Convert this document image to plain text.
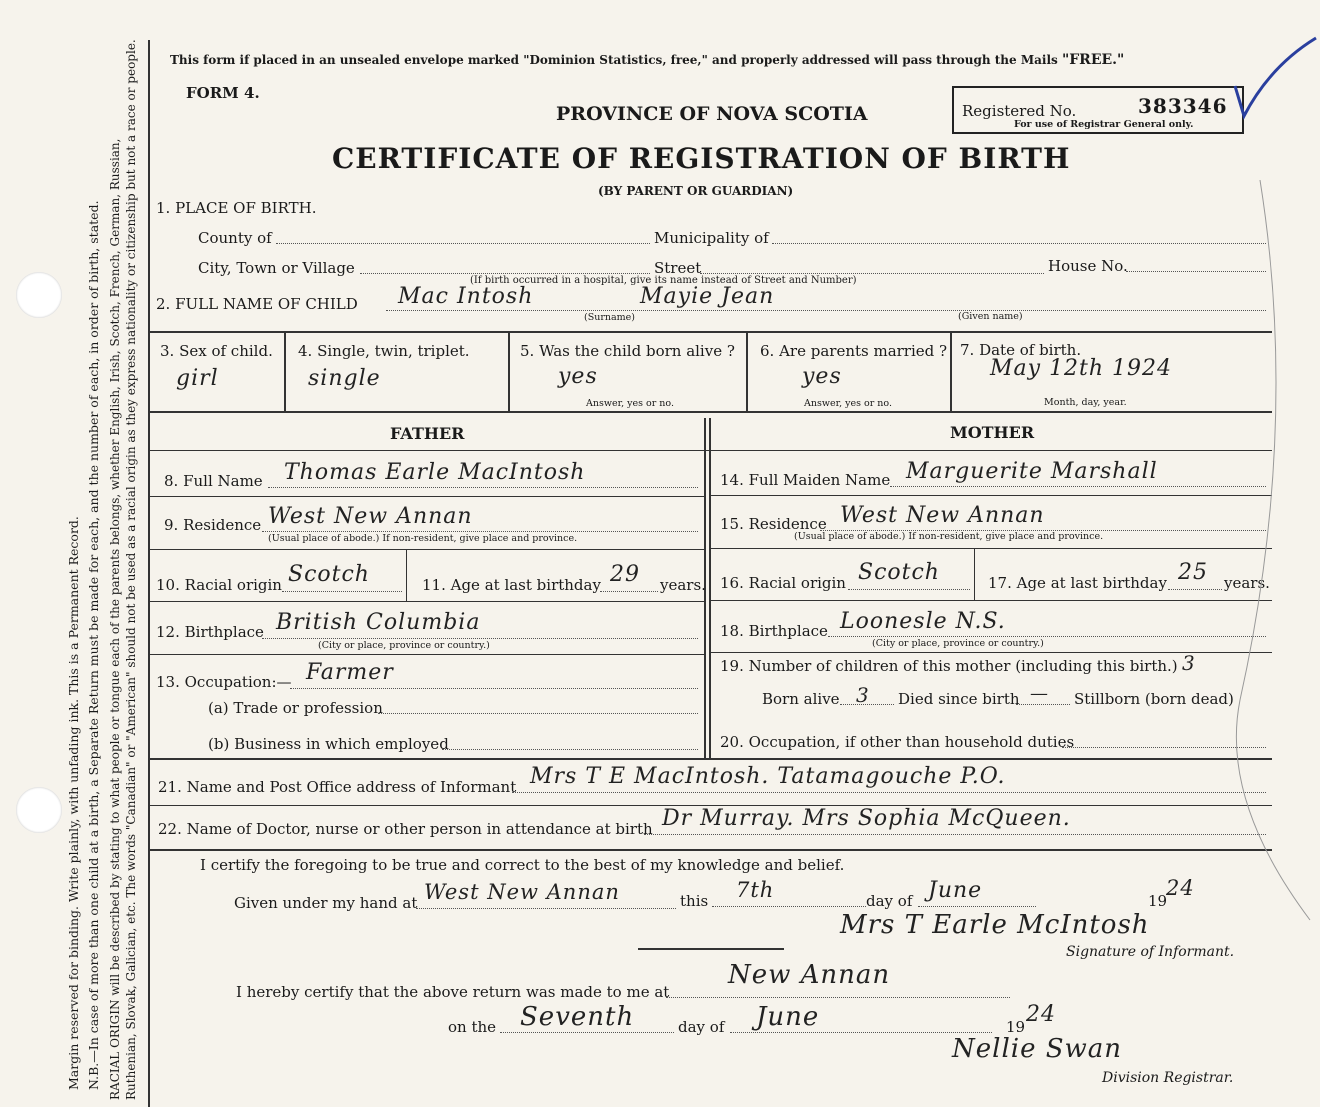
Margin reserved for binding. Write plainly, with unfading ink. This is a Permanent Record. N.B.—In case of more than one child at a birth, a Separate Return must be made for each, and the number of each, in order of birth, stated. RACIAL ORIGIN will be described by stating to what people or tongue each of the parents belongs, whether English, Irish, Scotch, French, German, Russian, Ruthenian, Slovak, Galician, etc. The words "Canadian" or "American" should not be used as a racial origin as they express nationality or citizenship but not a race or people.	This form if placed in an unsealed envelope marked "Dominion Statistics, free," and properly addressed will pass through the Mails "FREE."
FORM 4.
PROVINCE OF NOVA SCOTIA	Registered No.	383346
For use of Registrar General only.
CERTIFICATE OF REGISTRATION OF BIRTH
(BY PARENT OR GUARDIAN)
1. PLACE OF BIRTH.
County of	Municipality of
City, Town or Village	Street	House No.
(If birth occurred in a hospital, give its name instead of Street and Number)
2. FULL NAME OF CHILD Mac Intosh	Mayie Jean
(Surname)	(Given name)
3. Sex of child.
girl
4. Single, twin, triplet.
single
5. Was the child born alive ?
yes
Answer, yes or no.
6. Are parents married ?
yes
Answer, yes or no.
7. Date of birth.
May 12th 1924
Month, day, year.
FATHER	MOTHER
8. Full Name Thomas Earle MacIntosh
9. Residence West New Annan
(Usual place of abode.) If non-resident, give place and province.
10. Racial origin Scotch	11. Age at last birthday 29 years.
12. Birthplace British Columbia
(City or place, province or country.)
13. Occupation:— Farmer
(a) Trade or profession
(b) Business in which employed
14. Full Maiden Name Marguerite Marshall
15. Residence West New Annan
(Usual place of abode.) If non-resident, give place and province.
16. Racial origin Scotch	17. Age at last birthday 25 years.
18. Birthplace Loonesle N.S.
(City or place, province or country.)
19. Number of children of this mother (including this birth.) 3
Born alive 3 Died since birth — Stillborn (born dead)
20. Occupation, if other than household duties
21. Name and Post Office address of Informant Mrs T E MacIntosh. Tatamagouche P.O.
22. Name of Doctor, nurse or other person in attendance at birth Dr Murray. Mrs Sophia McQueen.
I certify the foregoing to be true and correct to the best of my knowledge and belief.
Given under my hand at West New Annan	this 7th	day of June	19
24
Mrs T Earle McIntosh
Signature of Informant.
I hereby certify that the above return was made to me at
New Annan
on the Seventh	day of June	19 24
Nellie Swan
Division Registrar.
